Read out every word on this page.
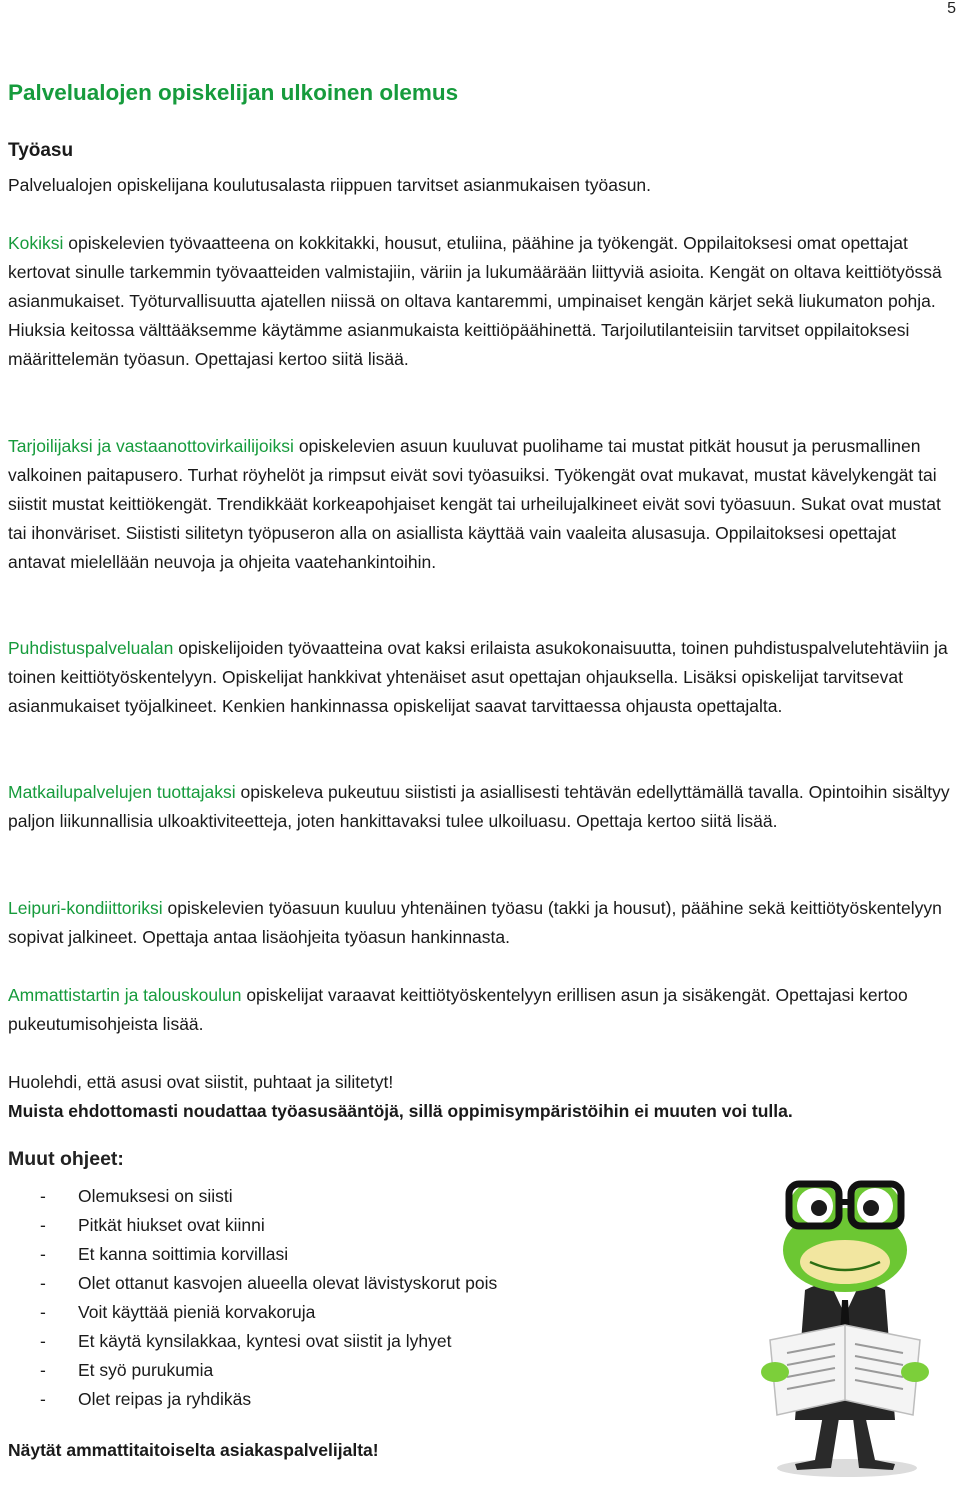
5
Palvelualojen opiskelijan ulkoinen olemus
Työasu

Palvelualojen opiskelijana koulutusalasta riippuen tarvitset asianmukaisen työasun.

Kokiksi opiskelevien työvaatteena on kokkitakki, housut, etuliina, päähine ja työkengät. Oppilaitoksesi omat opettajat kertovat sinulle tarkemmin työvaatteiden valmistajiin, väriin ja lukumäärään liittyviä asioita. Kengät on oltava keittiötyössä asianmukaiset. Työturvallisuutta ajatellen niissä on oltava kantaremmi, umpinaiset kengän kärjet sekä liukumaton pohja. Hiuksia keitossa välttääksemme käytämme asianmukaista keittiöpäähinettä. Tarjoilutilanteisiin tarvitset oppilaitoksesi määrittelemän työasun. Opettajasi kertoo siitä lisää.

Tarjoilijaksi ja vastaanottovirkailijoiksi opiskelevien asuun kuuluvat puolihame tai mustat pitkät housut ja perusmallinen valkoinen paitapusero. Turhat röyhelöt ja rimpsut eivät sovi työasuiksi. Työkengät ovat mukavat, mustat kävelykengät tai siistit mustat keittiökengät. Trendikkäät korkeapohjaiset kengät tai urheilujalkineet eivät sovi työasuun. Sukat ovat mustat tai ihonväriset. Siististi silitetyn työpuseron alla on asiallista käyttää vain vaaleita alusasuja. Oppilaitoksesi opettajat antavat mielellään neuvoja ja ohjeita vaatehankintoihin.

Puhdistuspalvelualan opiskelijoiden työvaatteina ovat kaksi erilaista asukokonaisuutta, toinen puhdistuspalvelutehtäviin ja toinen keittiötyöskentelyyn. Opiskelijat hankkivat yhtenäiset asut opettajan ohjauksella. Lisäksi opiskelijat tarvitsevat asianmukaiset työjalkineet. Kenkien hankinnassa opiskelijat saavat tarvittaessa ohjausta opettajalta.

Matkailupalvelujen tuottajaksi opiskeleva pukeutuu siististi ja asiallisesti tehtävän edellyttämällä tavalla. Opintoihin sisältyy paljon liikunnallisia ulkoaktiviteetteja, joten hankittavaksi tulee ulkoiluasu. Opettaja kertoo siitä lisää.

Leipuri-kondiittoriksi opiskelevien työasuun kuuluu yhtenäinen työasu (takki ja housut), päähine sekä keittiötyöskentelyyn sopivat jalkineet. Opettaja antaa lisäohjeita työasun hankinnasta.

Ammattistartin ja talouskoulun opiskelijat varaavat keittiötyöskentelyyn erillisen asun ja sisäkengät. Opettajasi kertoo pukeutumisohjeista lisää.

Huolehdi, että asusi ovat siistit, puhtaat ja silitetyt!

Muista ehdottomasti noudattaa työasusääntöjä, sillä oppimisympäristöihin ei muuten voi tulla.

Muut ohjeet:
-	Olemuksesi on siisti
-	Pitkät hiukset ovat kiinni
-	Et kanna soittimia korvillasi
-	Olet ottanut kasvojen alueella olevat lävistyskorut pois
-	Voit käyttää pieniä korvakoruja
-	Et käytä kynsilakkaa, kyntesi ovat siistit ja lyhyet
-	Et syö purukumia
-	Olet reipas ja ryhdikäs

Näytät ammattitaitoiselta asiakaspalvelijalta!
